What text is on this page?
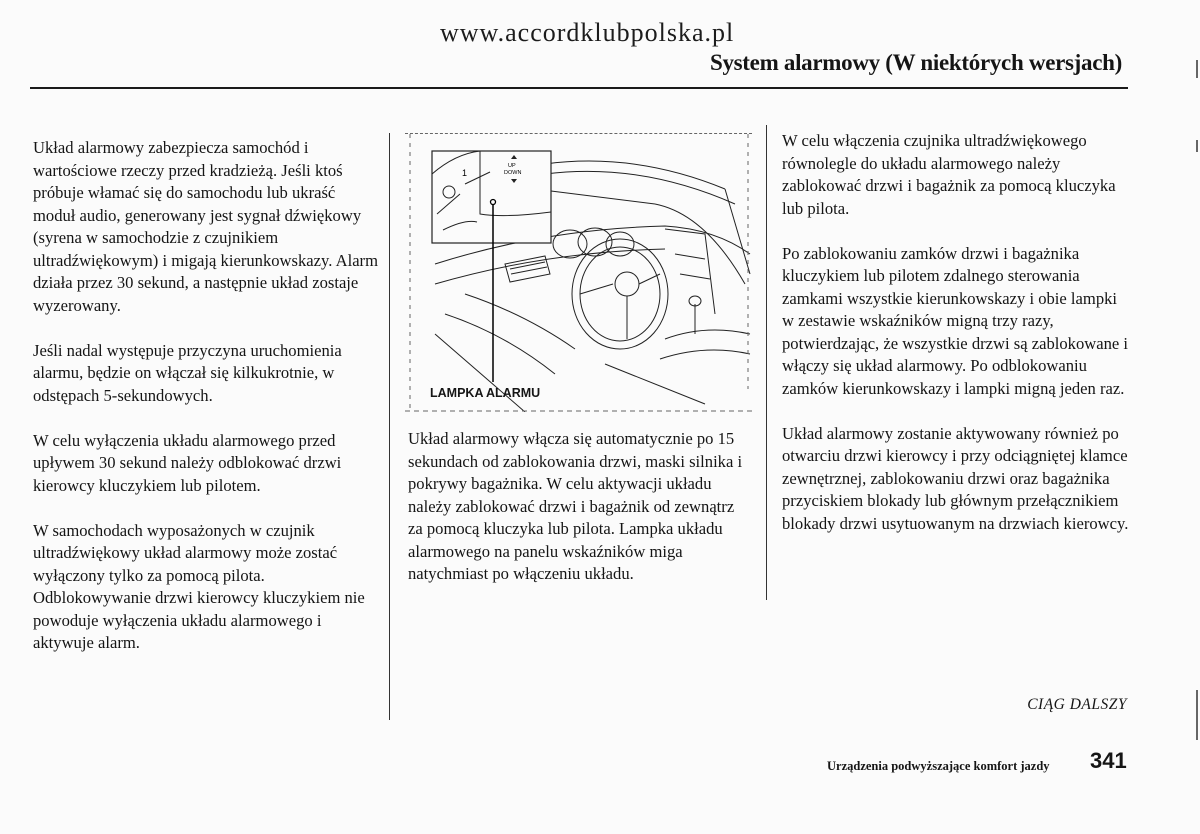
www.accordklubpolska.pl
System alarmowy (W niektórych wersjach)

Układ alarmowy zabezpiecza samochód i wartościowe rzeczy przed kradzieżą. Jeśli ktoś próbuje włamać się do samochodu lub ukraść moduł audio, generowany jest sygnał dźwiękowy (syrena w samochodzie z czujnikiem ultradźwiękowym) i migają kierunkowskazy. Alarm działa przez 30 sekund, a następnie układ zostaje wyzerowany.

Jeśli nadal występuje przyczyna uruchomienia alarmu, będzie on włączał się kilkukrotnie, w odstępach 5-sekundowych.

W celu wyłączenia układu alarmowego przed upływem 30 sekund należy odblokować drzwi kierowcy kluczykiem lub pilotem.

W samochodach wyposażonych w czujnik ultradźwiękowy układ alarmowy może zostać wyłączony tylko za pomocą pilota. Odblokowywanie drzwi kierowcy kluczykiem nie powoduje wyłączenia układu alarmowego i aktywuje alarm.

UP
DOWN
1
LAMPKA ALARMU

Układ alarmowy włącza się automatycznie po 15 sekundach od zablokowania drzwi, maski silnika i pokrywy bagażnika. W celu aktywacji układu należy zablokować drzwi i bagażnik od zewnątrz za pomocą kluczyka lub pilota. Lampka układu alarmowego na panelu wskaźników miga natychmiast po włączeniu układu.

W celu włączenia czujnika ultradźwiękowego równolegle do układu alarmowego należy zablokować drzwi i bagażnik za pomocą kluczyka lub pilota.

Po zablokowaniu zamków drzwi i bagażnika kluczykiem lub pilotem zdalnego sterowania zamkami wszystkie kierunkowskazy i obie lampki w zestawie wskaźników migną trzy razy, potwierdzając, że wszystkie drzwi są zablokowane i włączy się układ alarmowy. Po odblokowaniu zamków kierunkowskazy i lampki migną jeden raz.

Układ alarmowy zostanie aktywowany również po otwarciu drzwi kierowcy i przy odciągniętej klamce zewnętrznej, zablokowaniu drzwi oraz bagażnika przyciskiem blokady lub głównym przełącznikiem blokady drzwi usytuowanym na drzwiach kierowcy.

CIĄG DALSZY
Urządzenia podwyższające komfort jazdy 341
